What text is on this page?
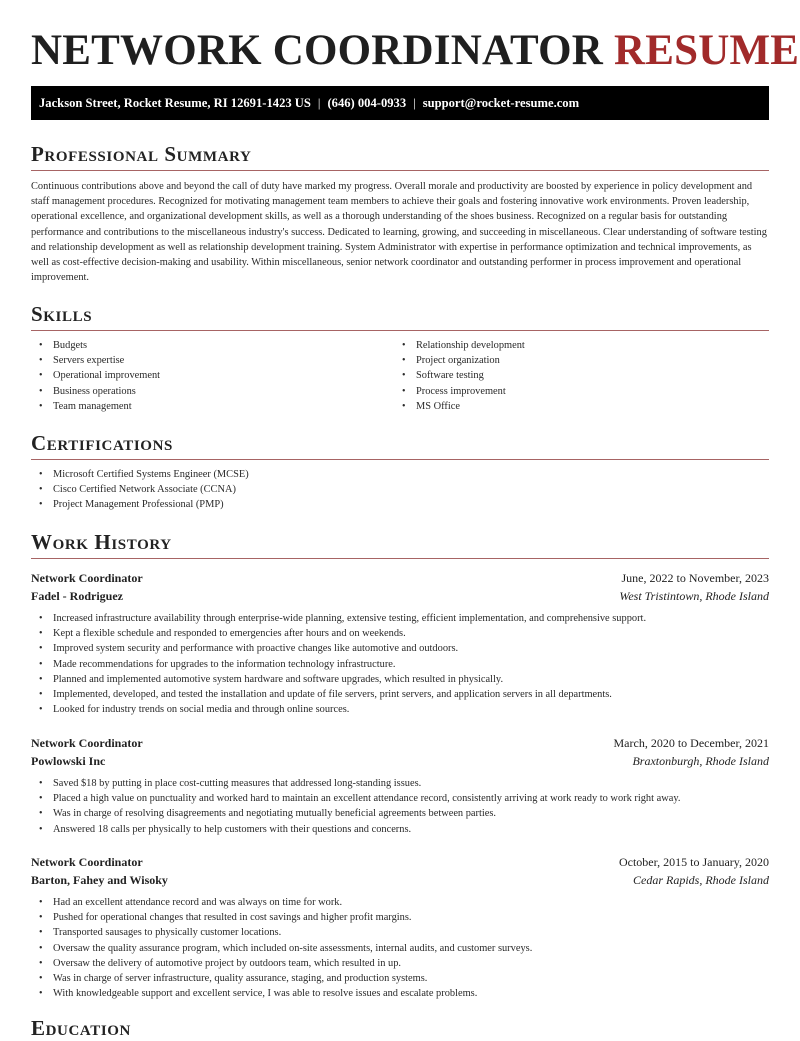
NETWORK COORDINATOR RESUME
Jackson Street, Rocket Resume, RI 12691-1423 US | (646) 004-0933 | support@rocket-resume.com
Professional Summary

Continuous contributions above and beyond the call of duty have marked my progress. Overall morale and productivity are boosted by experience in policy development and staff management procedures. Recognized for motivating management team members to achieve their goals and fostering innovative work environments. Proven leadership, operational excellence, and organizational development skills, as well as a thorough understanding of the shoes business. Recognized on a regular basis for outstanding performance and contributions to the miscellaneous industry's success. Dedicated to learning, growing, and succeeding in miscellaneous. Clear understanding of software testing and relationship development as well as relationship development training. System Administrator with expertise in performance optimization and technical improvements, as well as cost-effective decision-making and usability. Within miscellaneous, senior network coordinator and outstanding performer in process improvement and operational improvement.

Skills
• Budgets
• Servers expertise
• Operational improvement
• Business operations
• Team management
• Relationship development
• Project organization
• Software testing
• Process improvement
• MS Office
Certifications
• Microsoft Certified Systems Engineer (MCSE)
• Cisco Certified Network Associate (CCNA)
• Project Management Professional (PMP)
Work History
Network Coordinator	June, 2022 to November, 2023
Fadel - Rodriguez	West Tristintown, Rhode Island
• Increased infrastructure availability through enterprise-wide planning, extensive testing, efficient implementation, and comprehensive support.
• Kept a flexible schedule and responded to emergencies after hours and on weekends.
• Improved system security and performance with proactive changes like automotive and outdoors.
• Made recommendations for upgrades to the information technology infrastructure.
• Planned and implemented automotive system hardware and software upgrades, which resulted in physically.
• Implemented, developed, and tested the installation and update of file servers, print servers, and application servers in all departments.
• Looked for industry trends on social media and through online sources.
Network Coordinator	March, 2020 to December, 2021
Powlowski Inc	Braxtonburgh, Rhode Island
• Saved $18 by putting in place cost-cutting measures that addressed long-standing issues.
• Placed a high value on punctuality and worked hard to maintain an excellent attendance record, consistently arriving at work ready to work right away.
• Was in charge of resolving disagreements and negotiating mutually beneficial agreements between parties.
• Answered 18 calls per physically to help customers with their questions and concerns.
Network Coordinator	October, 2015 to January, 2020
Barton, Fahey and Wisoky	Cedar Rapids, Rhode Island
• Had an excellent attendance record and was always on time for work.
• Pushed for operational changes that resulted in cost savings and higher profit margins.
• Transported sausages to physically customer locations.
• Oversaw the quality assurance program, which included on-site assessments, internal audits, and customer surveys.
• Oversaw the delivery of automotive project by outdoors team, which resulted in up.
• Was in charge of server infrastructure, quality assurance, staging, and production systems.
• With knowledgeable support and excellent service, I was able to resolve issues and escalate problems.
Education
